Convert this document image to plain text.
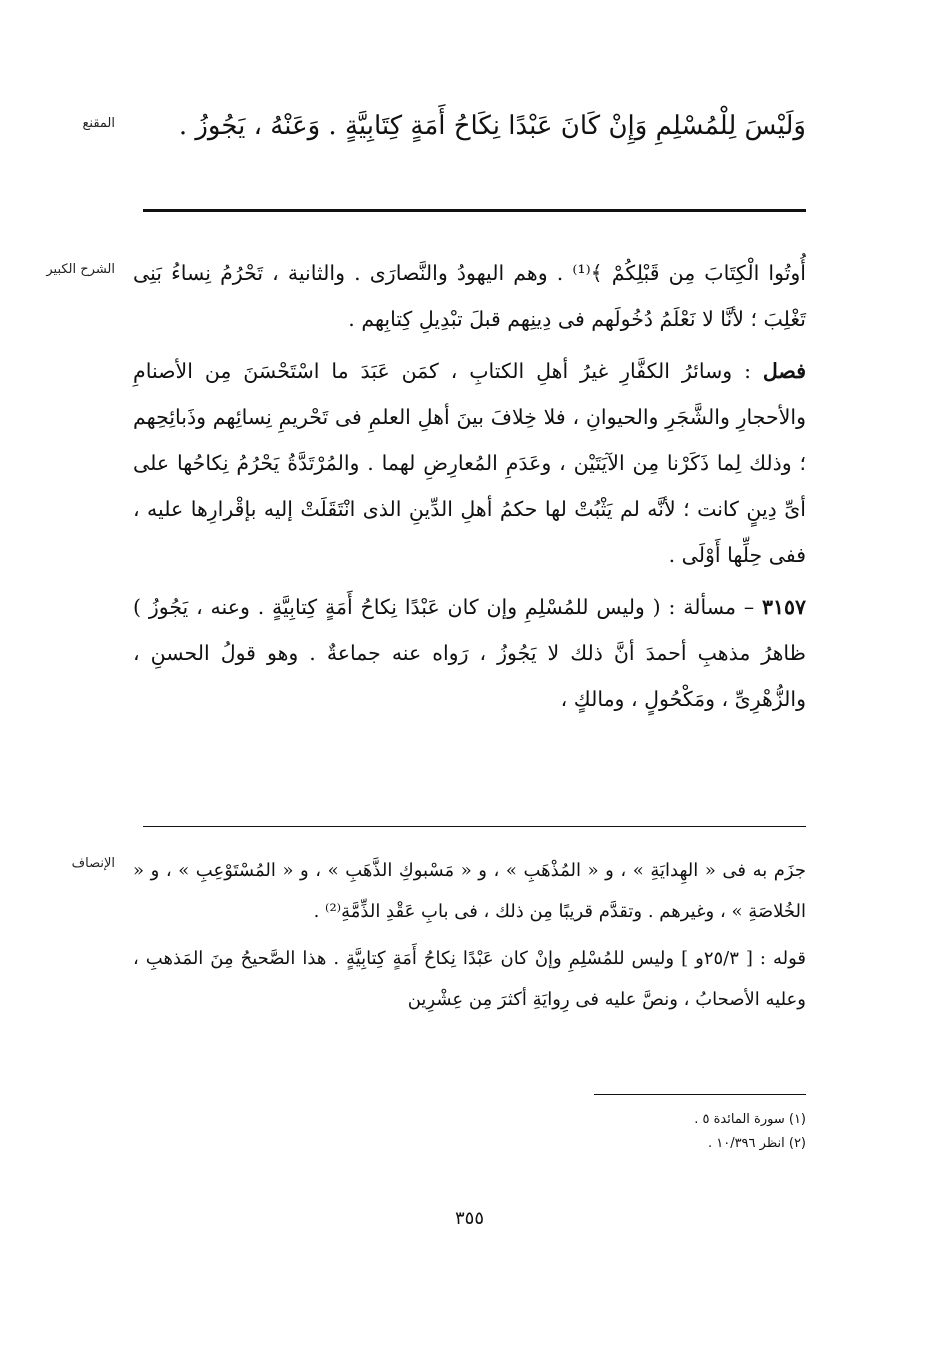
المقنع	وَلَيْسَ لِلْمُسْلِمِ وَإِنْ كَانَ عَبْدًا نِكَاحُ أَمَةٍ كِتَابِيَّةٍ . وَعَنْهُ ، يَجُوزُ .
الشرح الكبير أُوتُوا الْكِتَابَ مِن قَبْلِكُمْ ﴾⁽¹⁾ . وهم اليهودُ والنَّصارَى . والثانية ، تَحْرُمُ نِساءُ بَنِى تَغْلِبَ ؛ لأنَّا لا نَعْلَمُ دُخُولَهم فى دِينِهم قبلَ تبْدِيلِ كِتابِهم .

فصل : وسائرُ الكفَّارِ غيرُ أهلِ الكتابِ ، كمَن عَبَدَ ما اسْتَحْسَنَ مِن الأصنامِ والأحجارِ والشَّجَرِ والحيوانِ ، فلا خِلافَ بينَ أهلِ العلمِ فى تَحْريمِ نِسائِهم وذَبائِحِهم ؛ وذلك لِما ذَكَرْنا مِن الآيَتَيْن ، وعَدَمِ المُعارِضِ لهما . والمُرْتَدَّةُ يَحْرُمُ نِكاحُها على أىِّ دِينٍ كانت ؛ لأنَّه لم يَثْبُتْ لها حكمُ أهلِ الدِّينِ الذى انْتَقَلَتْ إليه بإقْرارِها عليه ، ففى حِلِّها أَوْلَى .

٣١٥٧ – مسألة : ( وليس للمُسْلِمِ وإن كان عَبْدًا نِكاحُ أَمَةٍ كِتابِيَّةٍ . وعنه ، يَجُوزُ ) ظاهرُ مذهبِ أحمدَ أنَّ ذلك لا يَجُوزُ ، رَواه عنه جماعةٌ . وهو قولُ الحسنِ ، والزُّهْرِىِّ ، ومَكْحُولٍ ، ومالكٍ ،

الإنصاف جزَم به فى « الهِدايَةِ » ، و « المُذْهَبِ » ، و « مَسْبوكِ الذَّهَبِ » ، و « المُسْتَوْعِبِ » ، و « الخُلاصَةِ » ، وغيرهم . وتقدَّم قريبًا مِن ذلك ، فى بابِ عَقْدِ الذِّمَّةِ⁽²⁾ .

قوله : [ ٢٥/٣و ] وليس للمُسْلِمِ وإنْ كان عَبْدًا نِكاحُ أَمَةٍ كِتابِيَّةٍ . هذا الصَّحيحُ مِنَ المَذهبِ ، وعليه الأصحابُ ، ونصَّ عليه فى رِوايَةِ أكثرَ مِن عِشْرِين

(١) سورة المائدة ٥ .
(٢) انظر ١٠/٣٩٦ .
٣٥٥
